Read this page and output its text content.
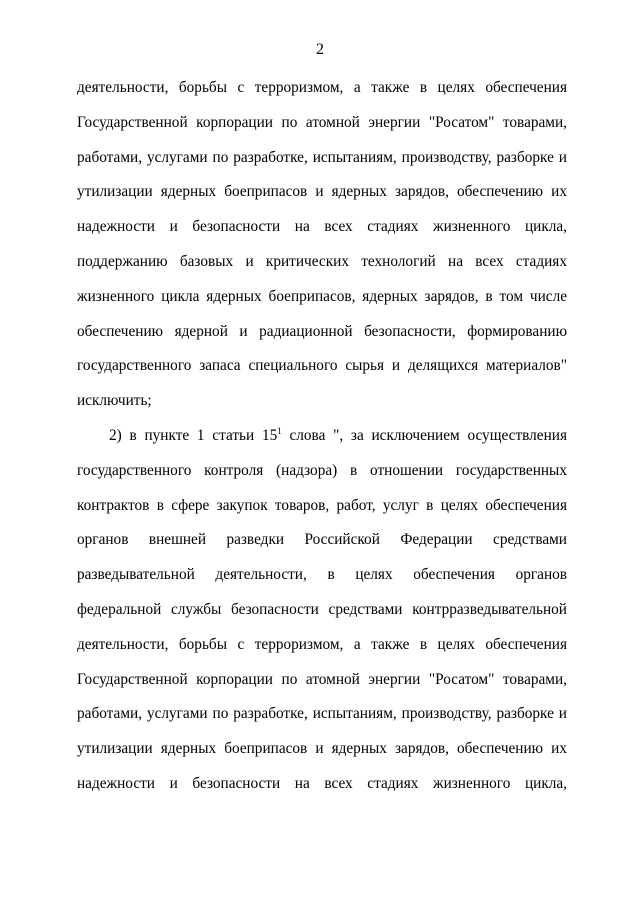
2
деятельности, борьбы с терроризмом, а также в целях обеспечения
Государственной корпорации по атомной энергии "Росатом" товарами,
работами, услугами по разработке, испытаниям, производству, разборке и
утилизации ядерных боеприпасов и ядерных зарядов, обеспечению их
надежности и безопасности на всех стадиях жизненного цикла,
поддержанию базовых и критических технологий на всех стадиях
жизненного цикла ядерных боеприпасов, ядерных зарядов, в том числе
обеспечению ядерной и радиационной безопасности, формированию
государственного запаса специального сырья и делящихся материалов"
исключить;
2) в пункте 1 статьи $15^1$ слова ", за исключением осуществления
государственного контроля (надзора) в отношении государственных
контрактов в сфере закупок товаров, работ, услуг в целях обеспечения
органов внешней разведки Российской Федерации средствами
разведывательной деятельности, в целях обеспечения органов
федеральной службы безопасности средствами контрразведывательной
деятельности, борьбы с терроризмом, а также в целях обеспечения
Государственной корпорации по атомной энергии "Росатом" товарами,
работами, услугами по разработке, испытаниям, производству, разборке и
утилизации ядерных боеприпасов и ядерных зарядов, обеспечению их
надежности и безопасности на всех стадиях жизненного цикла,
